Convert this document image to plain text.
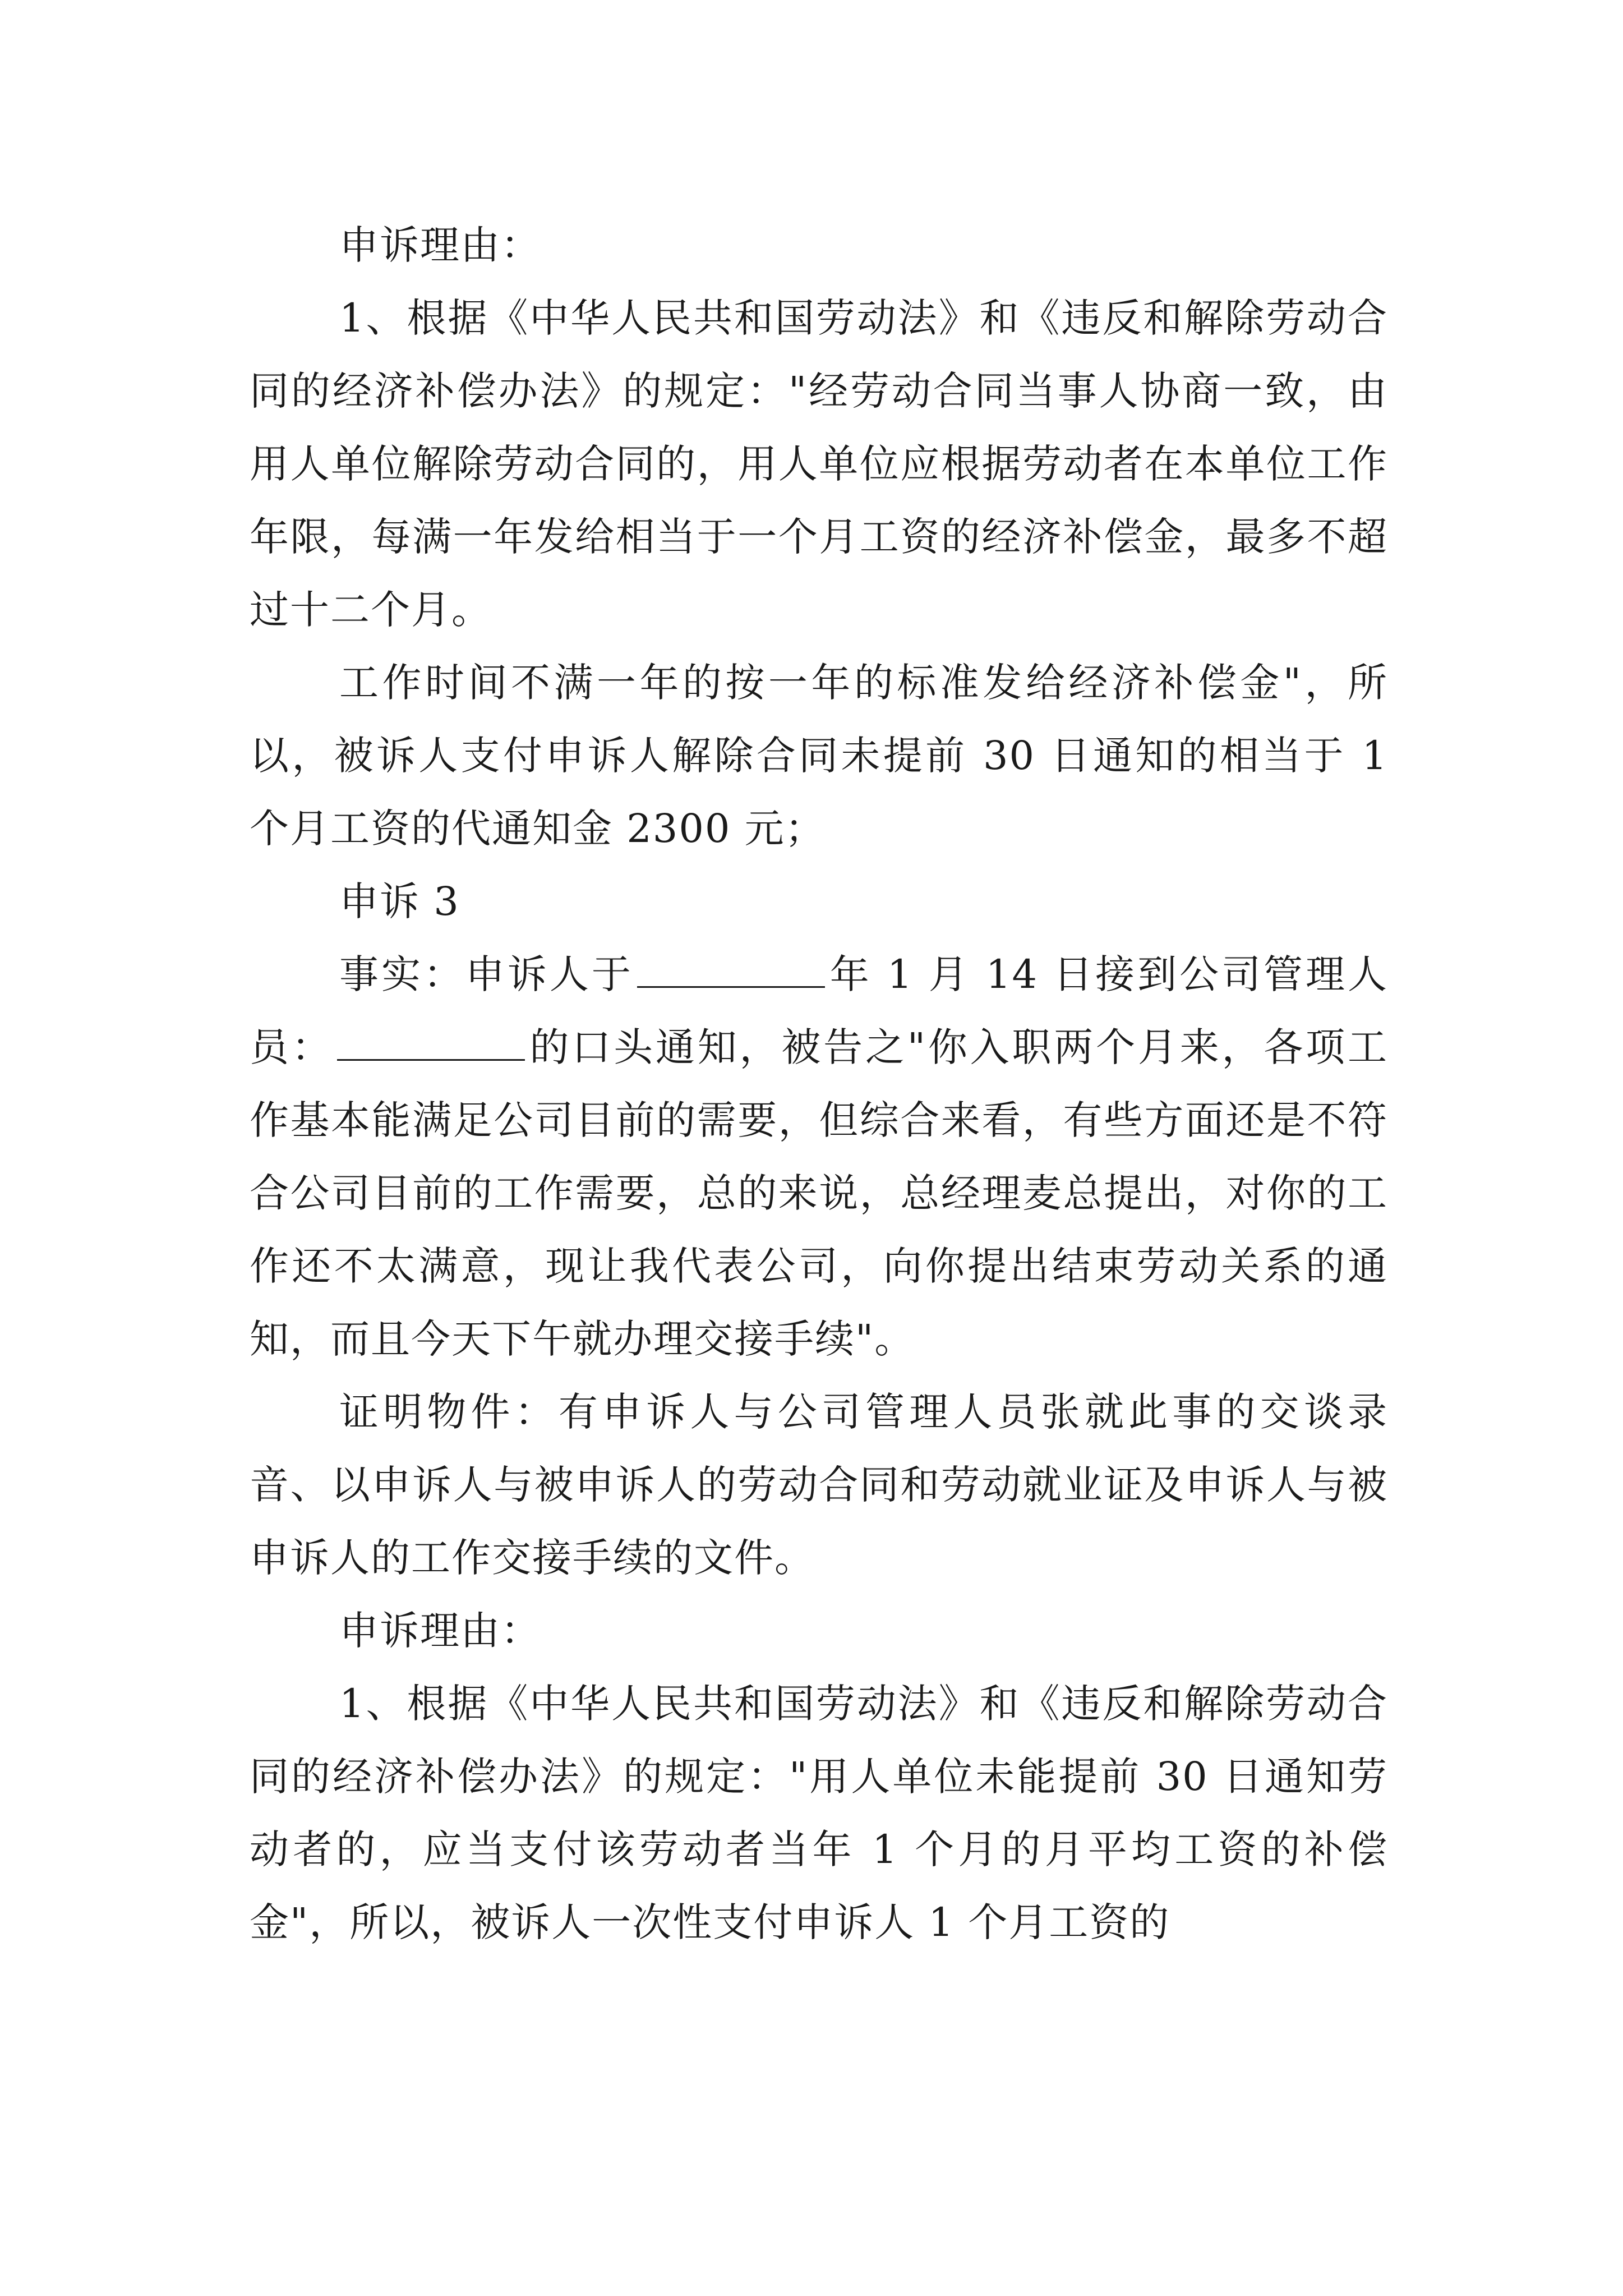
申诉理由：

1、根据《中华人民共和国劳动法》和《违反和解除劳动合同的经济补偿办法》的规定："经劳动合同当事人协商一致，由用人单位解除劳动合同的，用人单位应根据劳动者在本单位工作年限，每满一年发给相当于一个月工资的经济补偿金，最多不超过十二个月。

工作时间不满一年的按一年的标准发给经济补偿金"，所以，被诉人支付申诉人解除合同未提前 30 日通知的相当于 1 个月工资的代通知金 2300 元；

申诉 3

事实：申诉人于	年 1 月 14 日接到公司管理人员：	的口头通知，被告之"你入职两个月来，各项工作基本能满足公司目前的需要，但综合来看，有些方面还是不符合公司目前的工作需要，总的来说，总经理麦总提出，对你的工作还不太满意，现让我代表公司，向你提出结束劳动关系的通知，而且今天下午就办理交接手续"。

证明物件：有申诉人与公司管理人员张就此事的交谈录音、以申诉人与被申诉人的劳动合同和劳动就业证及申诉人与被申诉人的工作交接手续的文件。

申诉理由：

1、根据《中华人民共和国劳动法》和《违反和解除劳动合同的经济补偿办法》的规定："用人单位未能提前 30 日通知劳动者的，应当支付该劳动者当年 1 个月的月平均工资的补偿金"，所以，被诉人一次性支付申诉人 1 个月工资的
